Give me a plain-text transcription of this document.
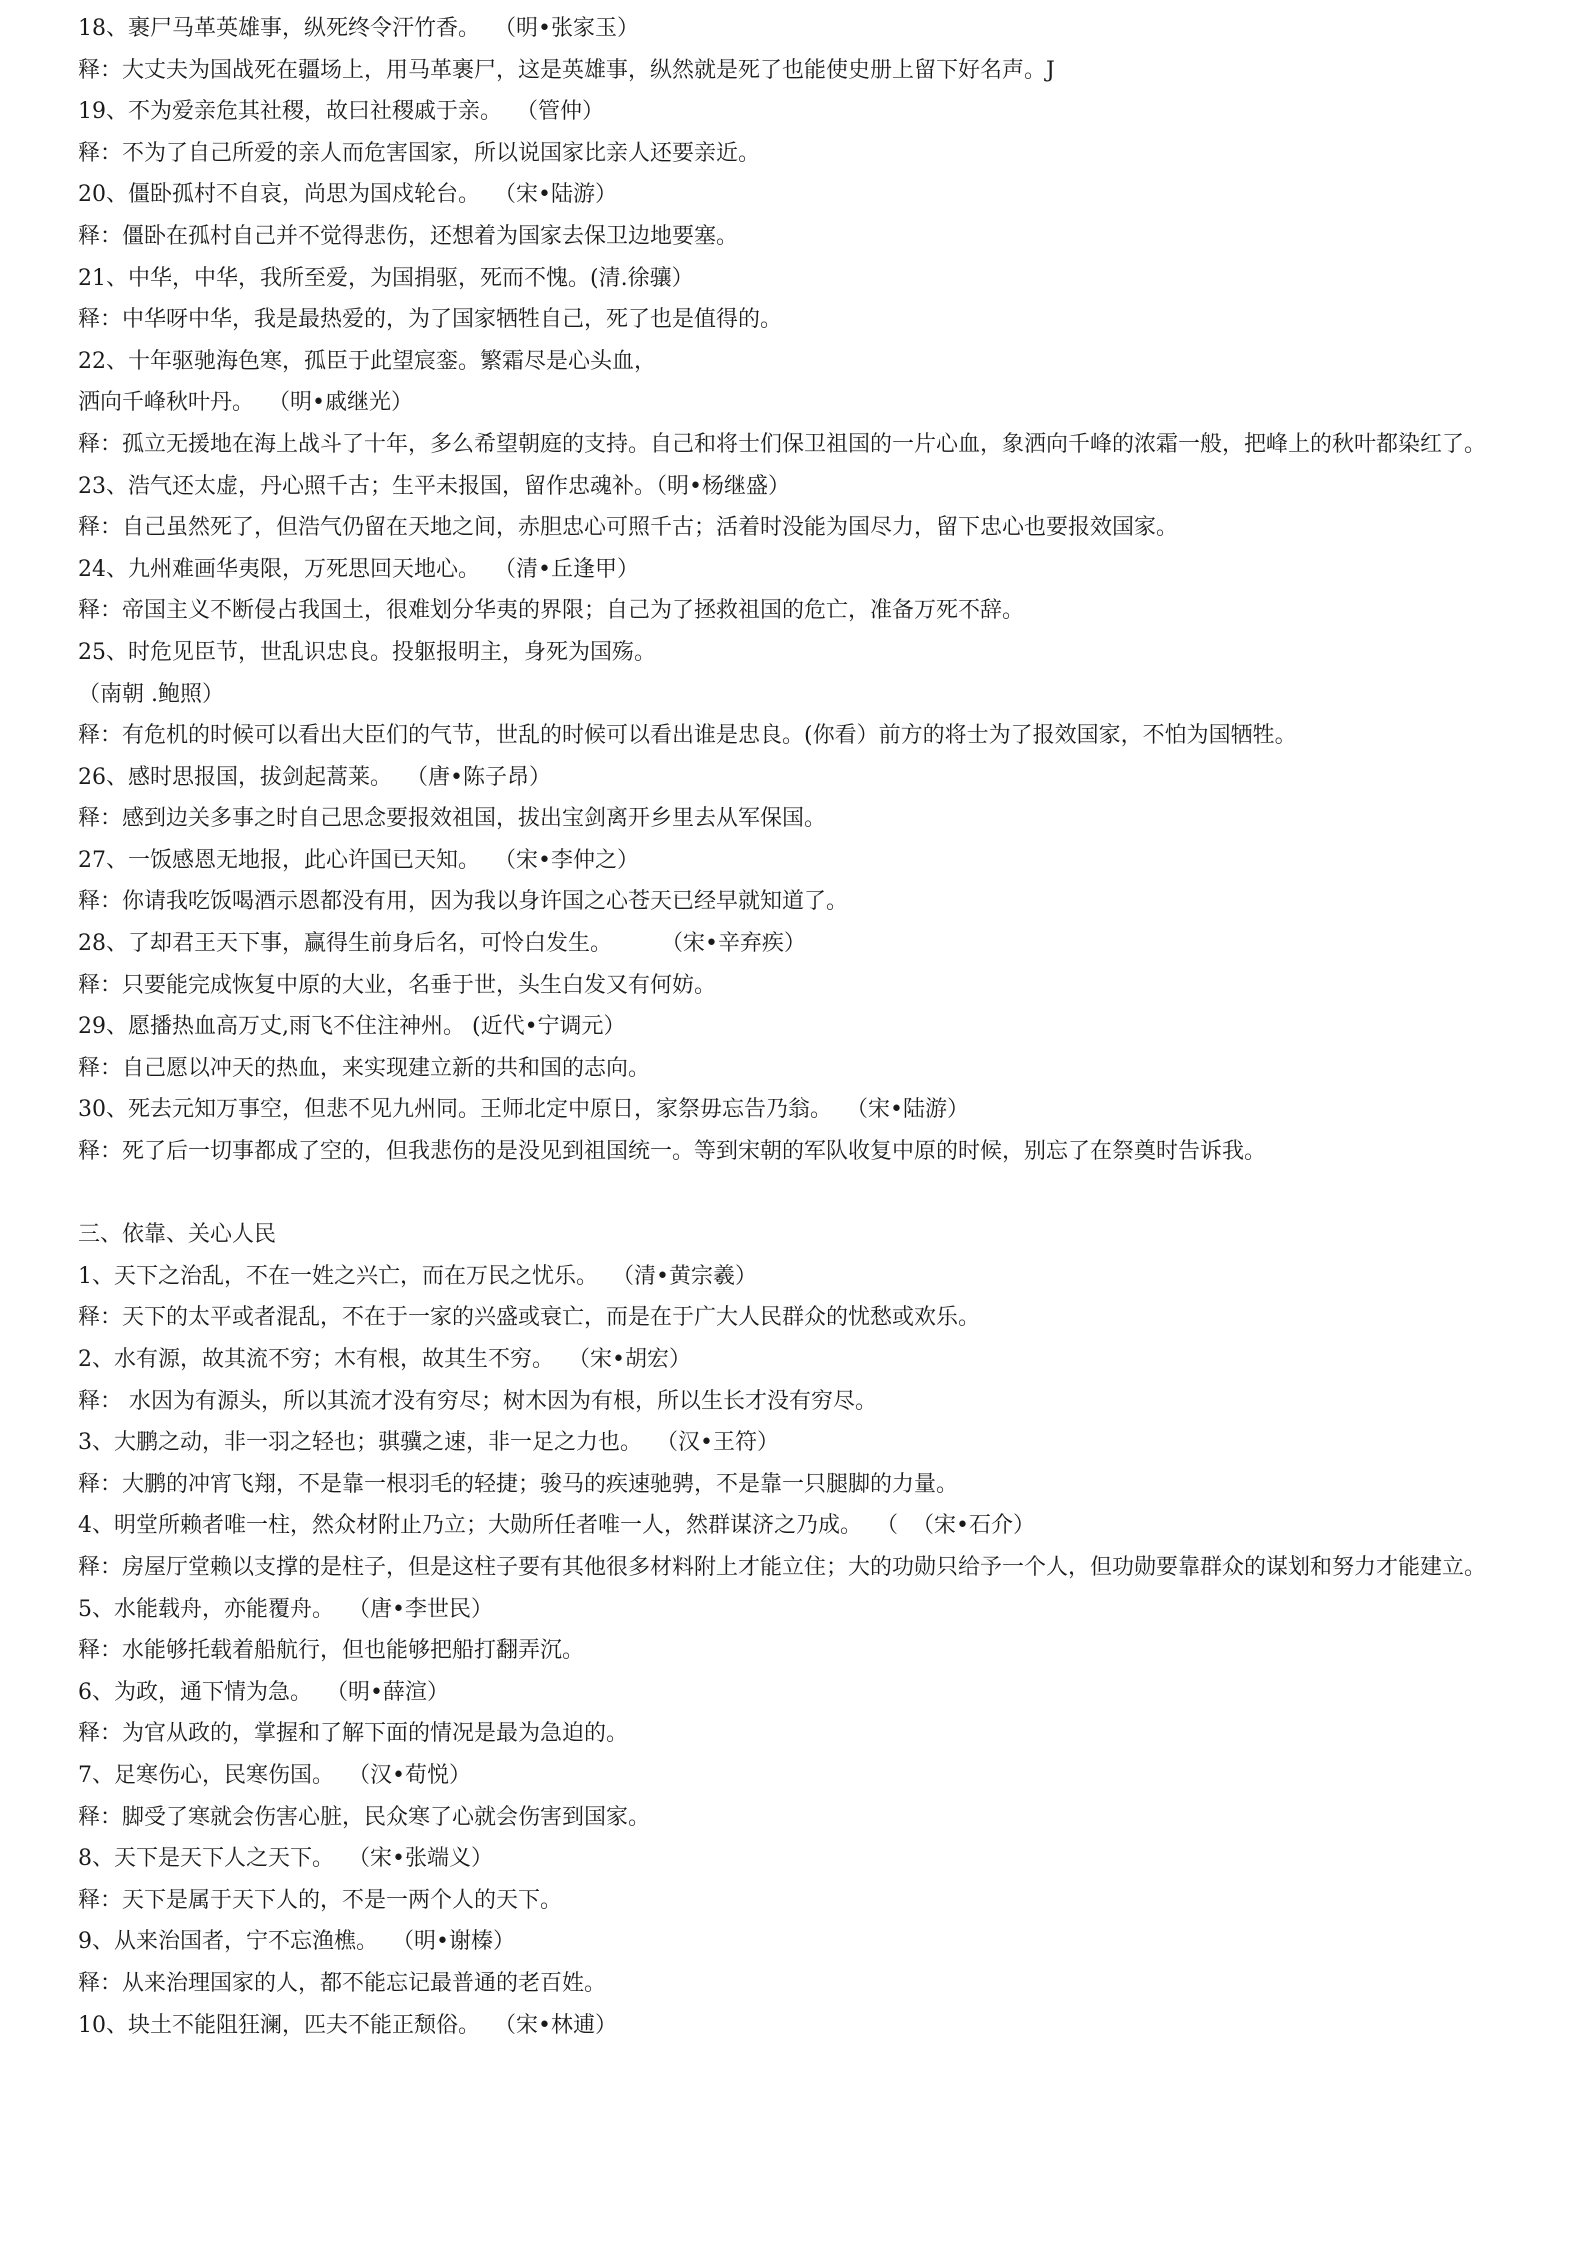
18、裹尸马革英雄事，纵死终令汗竹香。  （明•张家玉）
释：大丈夫为国战死在疆场上，用马革裹尸，这是英雄事，纵然就是死了也能使史册上留下好名声。J
19、不为爱亲危其社稷，故曰社稷戚于亲。  （管仲）
释：不为了自己所爱的亲人而危害国家，所以说国家比亲人还要亲近。
20、僵卧孤村不自哀，尚思为国戍轮台。  （宋•陆游）
释：僵卧在孤村自己并不觉得悲伤，还想着为国家去保卫边地要塞。
21、中华，中华，我所至爱，为国捐驱，死而不愧。(清.徐骧）
释：中华呀中华，我是最热爱的，为了国家牺牲自己，死了也是值得的。
22、十年驱驰海色寒，孤臣于此望宸銮。繁霜尽是心头血，
洒向千峰秋叶丹。  （明•戚继光）
释：孤立无援地在海上战斗了十年，多么希望朝庭的支持。自己和将士们保卫祖国的一片心血，象洒向千峰的浓霜一般，把峰上的秋叶都染红了。
23、浩气还太虚，丹心照千古；生平未报国，留作忠魂补。（明•杨继盛）
释：自己虽然死了，但浩气仍留在天地之间，赤胆忠心可照千古；活着时没能为国尽力，留下忠心也要报效国家。
24、九州难画华夷限，万死思回天地心。  （清•丘逢甲）
释：帝国主义不断侵占我国土，很难划分华夷的界限；自己为了拯救祖国的危亡，准备万死不辞。
25、时危见臣节，世乱识忠良。投躯报明主，身死为国殇。
（南朝 .鲍照）
释：有危机的时候可以看出大臣们的气节，世乱的时候可以看出谁是忠良。(你看）前方的将士为了报效国家，不怕为国牺牲。
26、感时思报国，拔剑起蒿莱。  （唐•陈子昂）
释：感到边关多事之时自己思念要报效祖国，拔出宝剑离开乡里去从军保国。
27、一饭感恩无地报，此心许国已天知。  （宋•李仲之）
释：你请我吃饭喝酒示恩都没有用，因为我以身许国之心苍天已经早就知道了。
28、了却君王天下事，赢得生前身后名，可怜白发生。       （宋•辛弃疾）
释：只要能完成恢复中原的大业，名垂于世，头生白发又有何妨。
29、愿播热血高万丈,雨飞不住注神州。 (近代•宁调元）
释：自己愿以冲天的热血，来实现建立新的共和国的志向。
30、死去元知万事空，但悲不见九州同。王师北定中原日，家祭毋忘告乃翁。  （宋•陆游）
释：死了后一切事都成了空的，但我悲伤的是没见到祖国统一。等到宋朝的军队收复中原的时候，别忘了在祭奠时告诉我。
三、依靠、关心人民
1、天下之治乱，不在一姓之兴亡，而在万民之忧乐。  （清•黄宗羲）
释：天下的太平或者混乱，不在于一家的兴盛或衰亡，而是在于广大人民群众的忧愁或欢乐。
2、水有源，故其流不穷；木有根，故其生不穷。  （宋•胡宏）
释： 水因为有源头，所以其流才没有穷尽；树木因为有根，所以生长才没有穷尽。
3、大鹏之动，非一羽之轻也；骐骥之速，非一足之力也。  （汉•王符）
释：大鹏的冲宵飞翔，不是靠一根羽毛的轻捷；骏马的疾速驰骋，不是靠一只腿脚的力量。
4、明堂所赖者唯一柱，然众材附止乃立；大勋所任者唯一人，然群谋济之乃成。  （  （宋•石介）
释：房屋厅堂赖以支撑的是柱子，但是这柱子要有其他很多材料附上才能立住；大的功勋只给予一个人，但功勋要靠群众的谋划和努力才能建立。
5、水能载舟，亦能覆舟。  （唐•李世民）
释：水能够托载着船航行，但也能够把船打翻弄沉。
6、为政，通下情为急。  （明•薛渲）
释：为官从政的，掌握和了解下面的情况是最为急迫的。
7、足寒伤心，民寒伤国。  （汉•荀悦）
释：脚受了寒就会伤害心脏，民众寒了心就会伤害到国家。
8、天下是天下人之天下。  （宋•张端义）
释：天下是属于天下人的，不是一两个人的天下。
9、从来治国者，宁不忘渔樵。  （明•谢榛）
释：从来治理国家的人，都不能忘记最普通的老百姓。
10、块土不能阻狂澜，匹夫不能正颓俗。  （宋•林逋）
